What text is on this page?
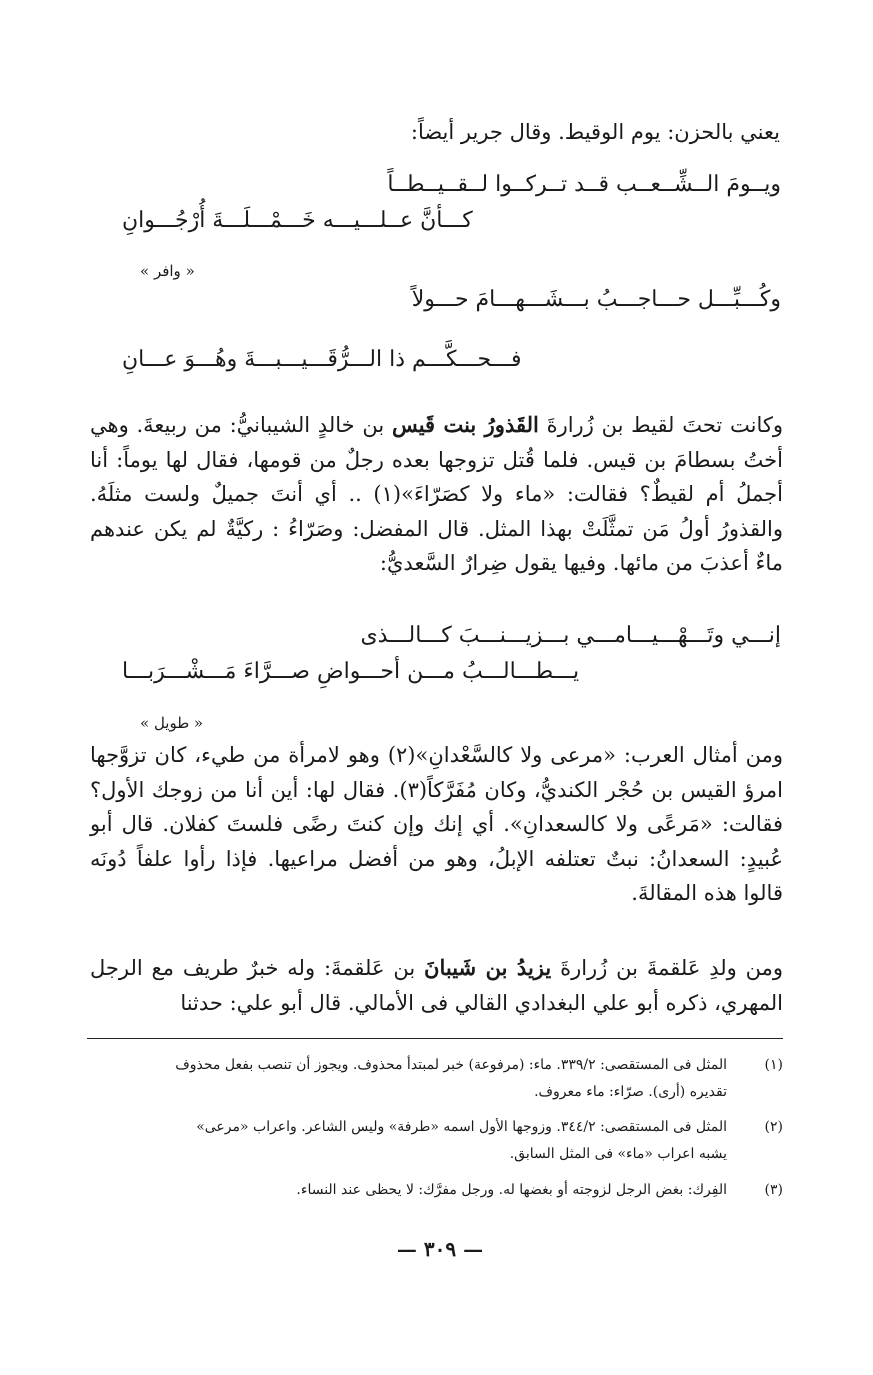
يعني بالحزن: يوم الوقيط. وقال جرير أيضاً:
ويــومَ الــشِّــعــب قــد تــركــوا لــقــيــطــاً
كـــأنَّ عــلـــيـــه خَـــمْـــلَـــةَ أُرْجُـــوانِ
« وافر »
وكُـــبِّـــل حـــاجـــبُ بـــشَـــهـــامَ حـــولاً
فـــحـــكَّـــم ذا الـــرُّقَـــيـــبـــةَ وهُـــوَ عـــانِ
وكانت تحتَ لقيط بن زُرارةَ القَذورُ بنت قَيس بن خالدٍ الشيبانيُّ: من ربيعةَ. وهي أختُ بسطامَ بن قيس. فلما قُتل تزوجها بعده رجلٌ من قومها، فقال لها يوماً: أنا أجملُ أم لقيطٌ؟ فقالت: «ماء ولا كصَرّاءَ»(١) .. أي أنتَ جميلٌ ولست مثلَهُ. والقذورُ أولُ مَن تمثَّلَتْ بهذا المثل. قال المفضل: وصَرّاءُ : ركيَّةٌ لم يكن عندهم ماءٌ أعذبَ من مائها. وفيها يقول ضِرارٌ السَّعديُّ:
إنـــي وتَـــهْـــيـــامـــي بـــزيـــنـــبَ كـــالـــذى
يـــطـــالـــبُ مـــن أحـــواضِ صـــرَّاءَ مَـــشْـــرَبـــا
« طويل »
ومن أمثال العرب: «مرعى ولا كالسَّعْدانِ»(٢) وهو لامرأة من طيء، كان تزوَّجها امرؤ القيس بن حُجْر الكنديُّ، وكان مُفَرَّكاً(٣). فقال لها: أين أنا من زوجك الأول؟ فقالت: «مَرعًى ولا كالسعدانِ». أي إنك وإن كنتَ رضًى فلستَ كفلان. قال أبو عُبيدٍ: السعدانُ: نبتٌ تعتلفه الإبلُ، وهو من أفضل مراعيها. فإذا رأوا علفاً دُونَه قالوا هذه المقالةَ.
ومن ولدِ عَلقمةَ بن زُرارةَ يزيدُ بن شَيبانَ بن عَلقمةَ: وله خبرٌ طريف مع الرجل المهري، ذكره أبو علي البغدادي القالي فى الأمالي. قال أبو علي: حدثنا
(١)
المثل فى المستقصى: ٣٣٩/٢. ماء: (مرفوعة) خبر لمبتدأ محذوف. ويجوز أن تنصب بفعل محذوف
تقديره (أرى). صرّاء: ماء معروف.
(٢)
المثل فى المستقصى: ٣٤٤/٢. وزوجها الأول اسمه «طرفة» وليس الشاعر. واعراب «مرعى»
يشبه اعراب «ماء» فى المثل السابق.
(٣)
الفِرك: بغض الرجل لزوجته أو بغضها له. ورجل مفرَّك: لا يحظى عند النساء.
— ٣٠٩ —
